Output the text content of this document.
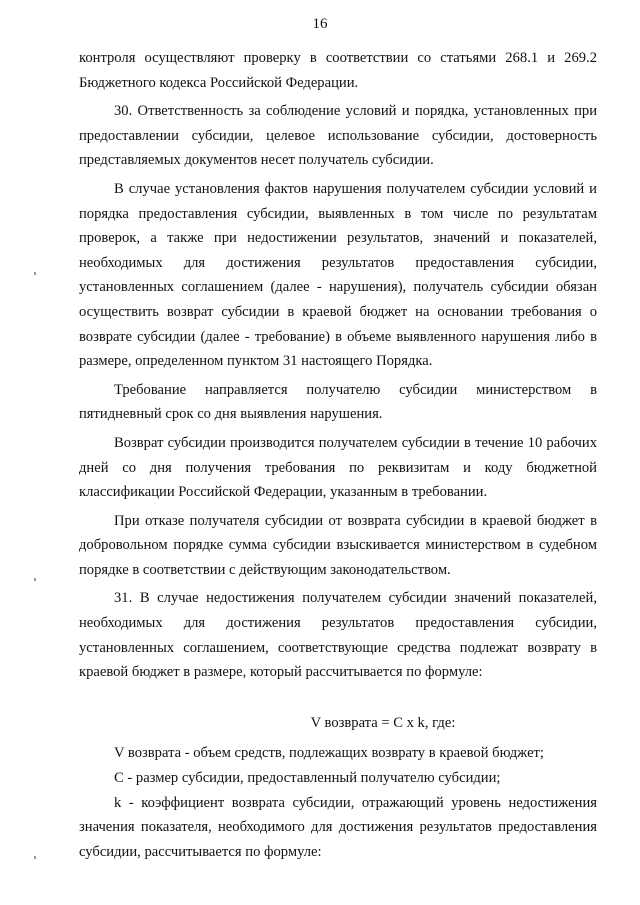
16

контроля осуществляют проверку в соответствии со статьями 268.1 и 269.2 Бюджетного кодекса Российской Федерации.

30. Ответственность за соблюдение условий и порядка, установленных при предоставлении субсидии, целевое использование субсидии, достоверность представляемых документов несет получатель субсидии.

В случае установления фактов нарушения получателем субсидии условий и порядка предоставления субсидии, выявленных в том числе по результатам проверок, а также при недостижении результатов, значений и показателей, необходимых для достижения результатов предоставления субсидии, установленных соглашением (далее - нарушения), получатель субсидии обязан осуществить возврат субсидии в краевой бюджет на основании требования о возврате субсидии (далее - требование) в объеме выявленного нарушения либо в размере, определенном пунктом 31 настоящего Порядка.

Требование направляется получателю субсидии министерством в пятидневный срок со дня выявления нарушения.

Возврат субсидии производится получателем субсидии в течение 10 рабочих дней со дня получения требования по реквизитам и коду бюджетной классификации Российской Федерации, указанным в требовании.

При отказе получателя субсидии от возврата субсидии в краевой бюджет в добровольном порядке сумма субсидии взыскивается министерством в судебном порядке в соответствии с действующим законодательством.

31. В случае недостижения получателем субсидии значений показателей, необходимых для достижения результатов предоставления субсидии, установленных соглашением, соответствующие средства подлежат возврату в краевой бюджет в размере, который рассчитывается по формуле:

V возврата = C x k, где:

V возврата - объем средств, подлежащих возврату в краевой бюджет;

C - размер субсидии, предоставленный получателю субсидии;

k - коэффициент возврата субсидии, отражающий уровень недостижения значения показателя, необходимого для достижения результатов предоставления субсидии, рассчитывается по формуле:
